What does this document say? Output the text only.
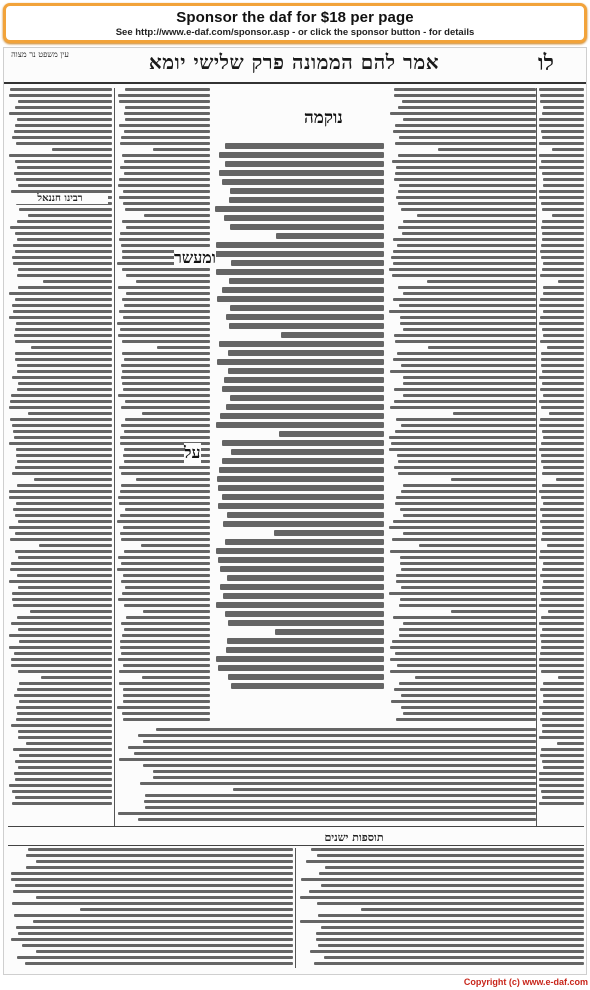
Sponsor the daf for $18 per page
See http://www.e-daf.com/sponsor.asp - or click the sponsor button - for details
עין משפט נר מצוה	אמר להם הממונה פרק שלישי יומא	לו
רבינו חננאל
תוספות ישנים
נוקמה
ומעשר
על
Copyright (c) www.e-daf.com
